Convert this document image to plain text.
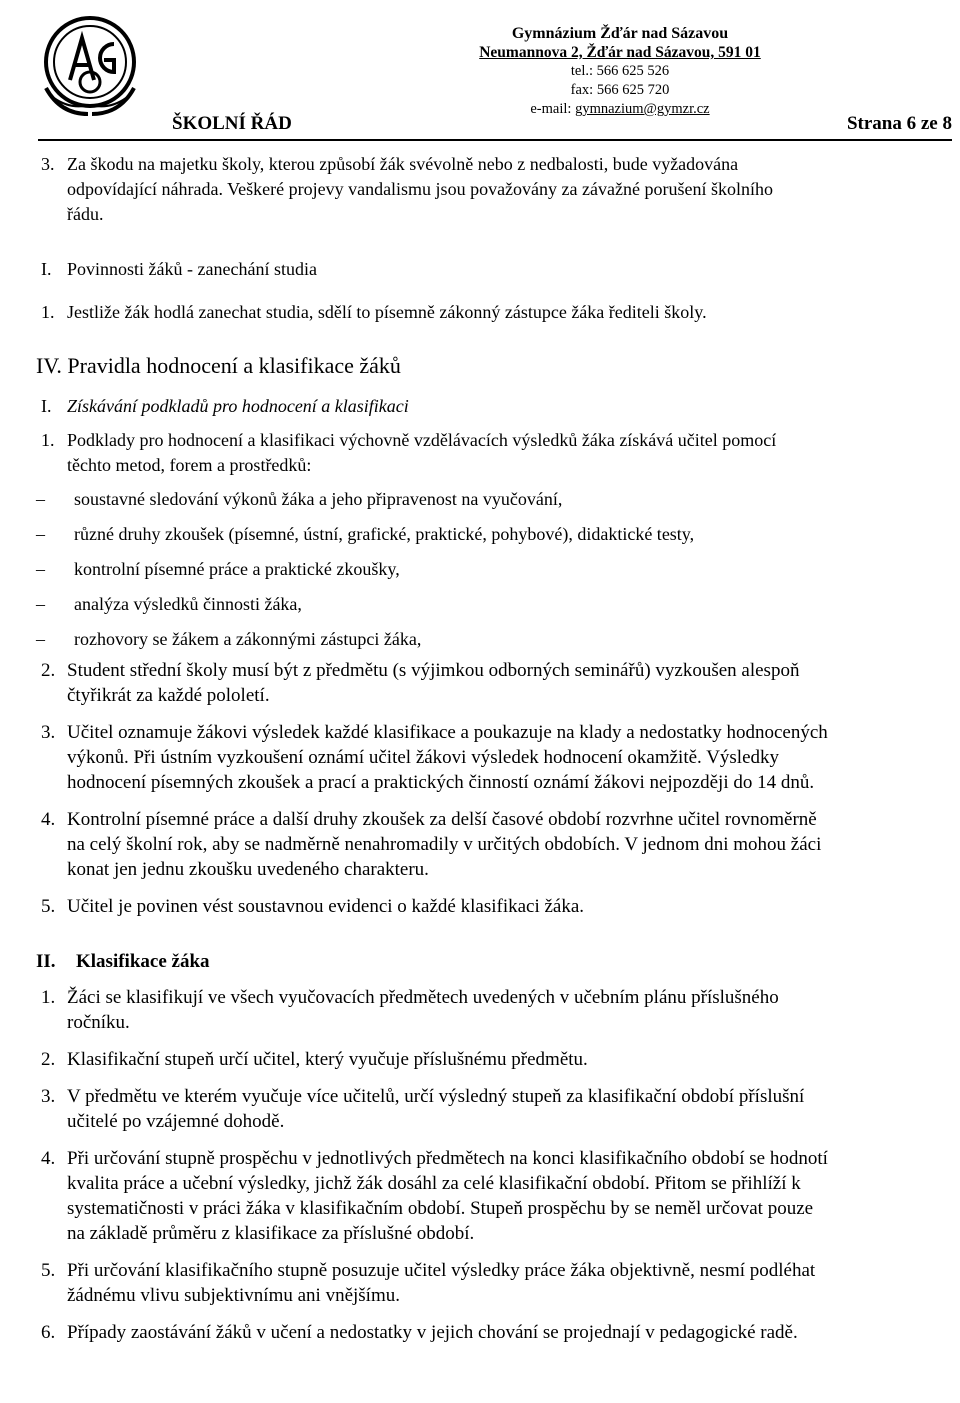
Gymnázium Žďár nad Sázavou
Neumannova 2, Žďár nad Sázavou, 591 01
tel.: 566 625 526
fax: 566 625 720
e-mail: gymnazium@gymzr.cz
ŠKOLNÍ ŘÁD	Strana 6 ze 8
3. Za škodu na majetku školy, kterou způsobí žák svévolně nebo z nedbalosti, bude vyžadována
odpovídající náhrada. Veškeré projevy vandalismu jsou považovány za závažné porušení školního
řádu.
I. Povinnosti žáků - zanechání studia
1. Jestliže žák hodlá zanechat studia, sdělí to písemně zákonný zástupce žáka řediteli školy.
IV. Pravidla hodnocení a klasifikace žáků
I. Získávání podkladů pro hodnocení a klasifikaci
1. Podklady pro hodnocení a klasifikaci výchovně vzdělávacích výsledků žáka získává učitel pomocí
těchto metod, forem a prostředků:
–	soustavné sledování výkonů žáka a jeho připravenost na vyučování,
–	různé druhy zkoušek (písemné, ústní, grafické, praktické, pohybové), didaktické testy,
–	kontrolní písemné práce a praktické zkoušky,
–	analýza výsledků činnosti žáka,
–	rozhovory se žákem a zákonnými zástupci žáka,
2. Student střední školy musí být z předmětu (s výjimkou odborných seminářů) vyzkoušen alespoň
čtyřikrát za každé pololetí.
3. Učitel oznamuje žákovi výsledek každé klasifikace a poukazuje na klady a nedostatky hodnocených
výkonů. Při ústním vyzkoušení oznámí učitel žákovi výsledek hodnocení okamžitě. Výsledky
hodnocení písemných zkoušek a prací a praktických činností oznámí žákovi nejpozději do 14 dnů.
4. Kontrolní písemné práce a další druhy zkoušek za delší časové období rozvrhne učitel rovnoměrně
na celý školní rok, aby se nadměrně nenahromadily v určitých obdobích. V jednom dni mohou žáci
konat jen jednu zkoušku uvedeného charakteru.
5. Učitel je povinen vést soustavnou evidenci o každé klasifikaci žáka.
II.	Klasifikace žáka
1. Žáci se klasifikují ve všech vyučovacích předmětech uvedených v učebním plánu příslušného
ročníku.
2. Klasifikační stupeň určí učitel, který vyučuje příslušnému předmětu.
3. V předmětu ve kterém vyučuje více učitelů, určí výsledný stupeň za klasifikační období příslušní
učitelé po vzájemné dohodě.
4. Při určování stupně prospěchu v jednotlivých předmětech na konci klasifikačního období se hodnotí
kvalita práce a učební výsledky, jichž žák dosáhl za celé klasifikační období. Přitom se přihlíží k
systematičnosti v práci žáka v klasifikačním období. Stupeň prospěchu by se neměl určovat pouze
na základě průměru z klasifikace za příslušné období.
5. Při určování klasifikačního stupně posuzuje učitel výsledky práce žáka objektivně, nesmí podléhat
žádnému vlivu subjektivnímu ani vnějšímu.
6. Případy zaostávání žáků v učení a nedostatky v jejich chování se projednají v pedagogické radě.
